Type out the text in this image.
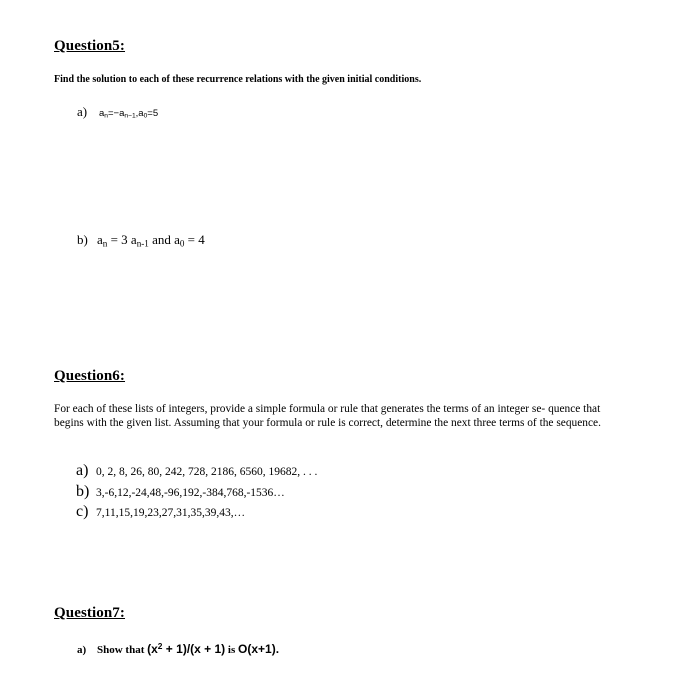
Question5:
Find the solution to each of these recurrence relations with the given initial conditions.
a) $a_n=-a_{n-1},a_0=5$
b) $a_n = 3$ $a_{n-1}$ and $a_0 = 4$
Question6:
For each of these lists of integers, provide a simple formula or rule that generates the terms of an integer se- quence that begins with the given list. Assuming that your formula or rule is correct, determine the next three terms of the sequence.
a) 0, 2, 8, 26, 80, 242, 728, 2186, 6560, 19682, . . .
b) 3,-6,12,-24,48,-96,192,-384,768,-1536…
c) 7,11,15,19,23,27,31,35,39,43,…
Question7:
a) Show that $(x^2 + 1)/(x + 1)$ is O(x+1).
